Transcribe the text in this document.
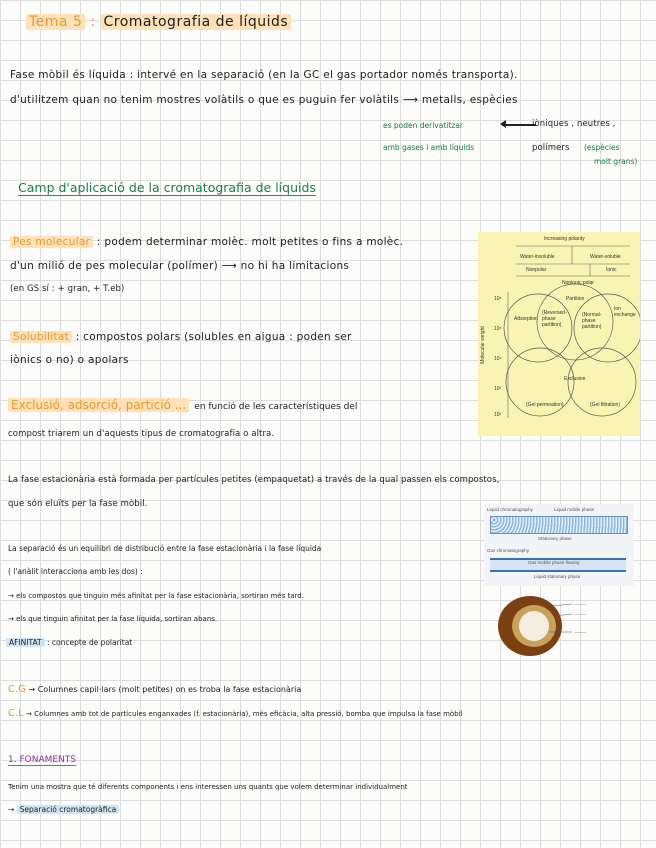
Tema 5 : Cromatografia de líquids
Fase mòbil és líquida : intervé en la separació (en la GC el gas portador només transporta).
d'utilitzem quan no tenim mostres volàtils o que es puguin fer volàtils ⟶ metalls, espècies
es poden derivatitzar	iòniques , neutres ,
amb gases i amb líquids	polímers (espècies
molt grans)
Camp d'aplicació de la cromatografia de líquids
Pes molecular : podem determinar molèc. molt petites o fins a molèc.
d'un milió de pes molecular (polímer) ⟶ no hi ha limitacions
(en GS sí : + gran, + T.eb)
Solubilitat : compostos polars (solubles en aigua : poden ser
iònics o no) o apolars
Exclusió, adsorció, partició ... en funció de les característiques del
compost triarem un d'aquests tipus de cromatografia o altra.
Increasing polarity
Water-insoluble	Water-soluble
Nonpolar	Ionic
Nonionic polar
Partition
Adsorption
(Reversed-phase partition)
(Normal-phase partition)
Ion exchange
Exclusion
(Gel permeation)	(Gel filtration)
Molecular weight
10⁶
10⁵
10⁴
10³
10²
La fase estacionària està formada per partícules petites (empaquetat) a través de la qual passen els compostos,
que són eluïts per la fase mòbil.
Liquid chromatography	Liquid mobile phase
Stationary phase
Gas chromatography
Gas mobile phase flowing
Liquid stationary phase
———
———
———
La separació és un equilibri de distribució entre la fase estacionària i la fase líquida
( l'anàlit interacciona amb les dos) :
→ els compostos que tinguin més afinitat per la fase estacionària, sortiran més tard.
→ els que tinguin afinitat per la fase líquida, sortiran abans.
AFINITAT : concepte de polaritat
C.G → Columnes capil·lars (molt petites) on es troba la fase estacionària
C.L → Columnes amb tot de partícules enganxades (f. estacionària), més eficàcia, alta pressió, bomba que impulsa la fase mòbil
1. FONAMENTS
Tenim una mostra que té diferents components i ens interessen uns quants que volem determinar individualment
→ Separació cromatogràfica
